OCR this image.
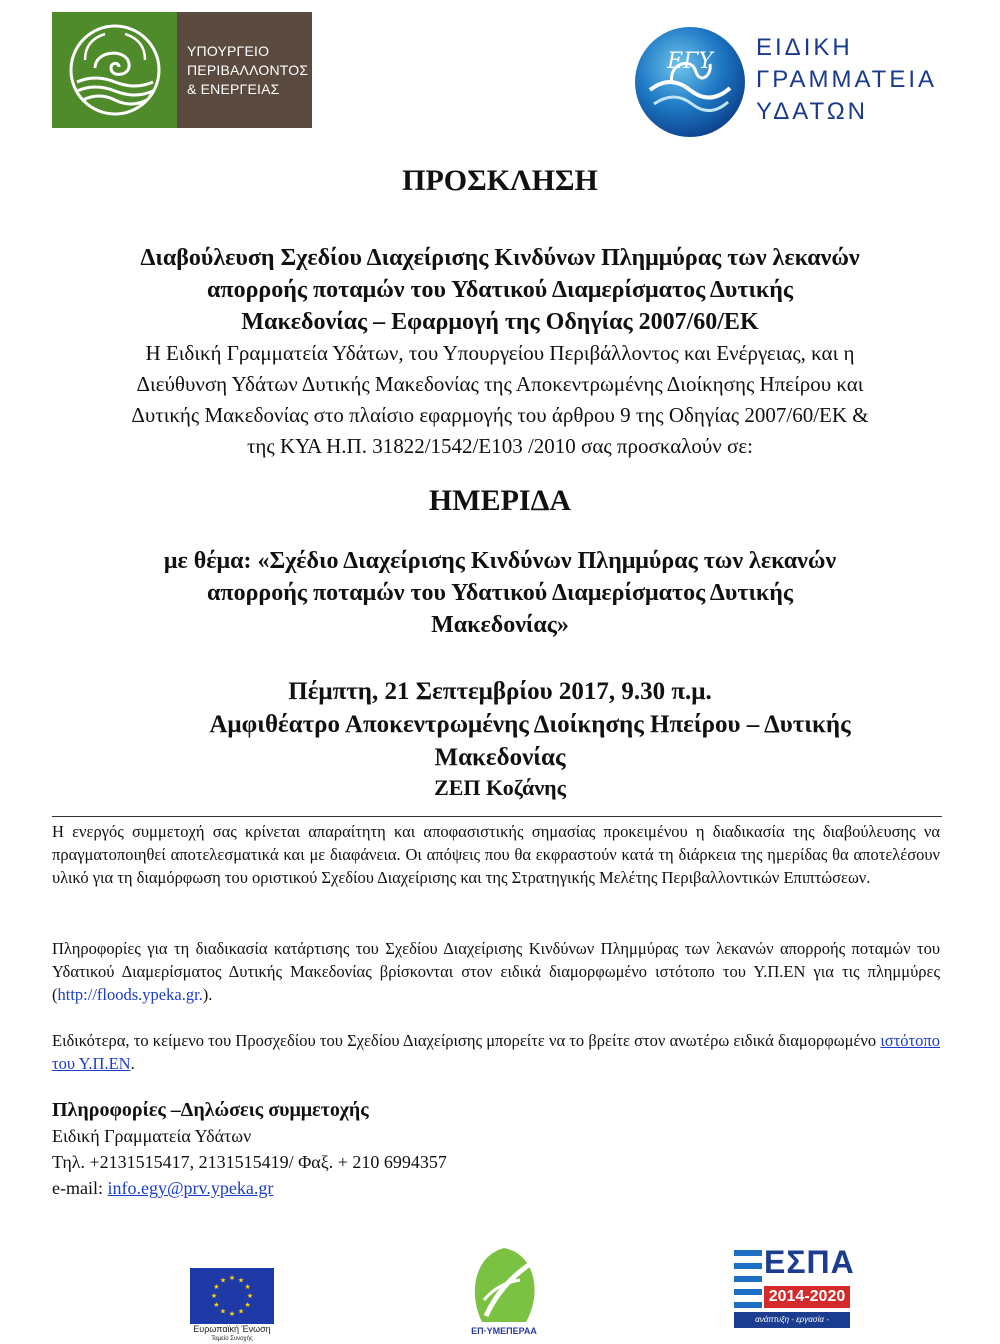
ΥΠΟΥΡΓΕΙΟ
ΠΕΡΙΒΑΛΛΟΝΤΟΣ
& ΕΝΕΡΓΕΙΑΣ
ΕΓΥ
ΕΙΔΙΚΗ
ΓΡΑΜΜΑΤΕΙΑ
ΥΔΑΤΩΝ
ΠΡΟΣΚΛΗΣΗ
Διαβούλευση Σχεδίου Διαχείρισης Κινδύνων Πλημμύρας των λεκανών
απορροής ποταμών του Υδατικού Διαμερίσματος Δυτικής
Μακεδονίας – Εφαρμογή της Οδηγίας 2007/60/ΕΚ
Η Ειδική Γραμματεία Υδάτων, του Υπουργείου Περιβάλλοντος και Ενέργειας, και η
Διεύθυνση Υδάτων Δυτικής Μακεδονίας της Αποκεντρωμένης Διοίκησης Ηπείρου και
Δυτικής Μακεδονίας στο πλαίσιο εφαρμογής του άρθρου 9 της Οδηγίας 2007/60/ΕΚ &
της ΚΥΑ Η.Π. 31822/1542/Ε103 /2010 σας προσκαλούν σε:
ΗΜΕΡΙΔΑ
με θέμα: «Σχέδιο Διαχείρισης Κινδύνων Πλημμύρας των λεκανών
απορροής ποταμών του Υδατικού Διαμερίσματος Δυτικής
Μακεδονίας»
Πέμπτη, 21 Σεπτεμβρίου 2017, 9.30 π.μ.
Αμφιθέατρο Αποκεντρωμένης Διοίκησης Ηπείρου – Δυτικής
Μακεδονίας
ΖΕΠ Κοζάνης

Η ενεργός συμμετοχή σας κρίνεται απαραίτητη και αποφασιστικής σημασίας προκειμένου η διαδικασία της διαβούλευσης να πραγματοποιηθεί αποτελεσματικά και με διαφάνεια. Οι απόψεις που θα εκφραστούν κατά τη διάρκεια της ημερίδας θα αποτελέσουν υλικό για τη διαμόρφωση του οριστικού Σχεδίου Διαχείρισης και της Στρατηγικής Μελέτης Περιβαλλοντικών Επιπτώσεων.

Πληροφορίες για τη διαδικασία κατάρτισης του Σχεδίου Διαχείρισης Κινδύνων Πλημμύρας των λεκανών απορροής ποταμών του Υδατικού Διαμερίσματος Δυτικής Μακεδονίας βρίσκονται στον ειδικά διαμορφωμένο ιστότοπο του Υ.Π.ΕΝ για τις πλημμύρες (http://floods.ypeka.gr.).

Ειδικότερα, το κείμενο του Προσχεδίου του Σχεδίου Διαχείρισης μπορείτε να το βρείτε στον ανωτέρω ειδικά διαμορφωμένο ιστότοπο του Υ.Π.ΕΝ.

Πληροφορίες –Δηλώσεις συμμετοχής
Ειδική Γραμματεία Υδάτων
Τηλ. +2131515417, 2131515419/ Φαξ. + 210 6994357
e-mail: info.egy@prv.ypeka.gr
★ ★
★
★
★
★
★
★
★
★
★
★
Ευρωπαϊκή Ένωση
Ταμείο Συνοχής
ΕΠ·ΥΜΕΠΕΡΑΑ
ΕΣΠΑ
2014-2020
ανάπτυξη - εργασία - αλληλεγγύη
